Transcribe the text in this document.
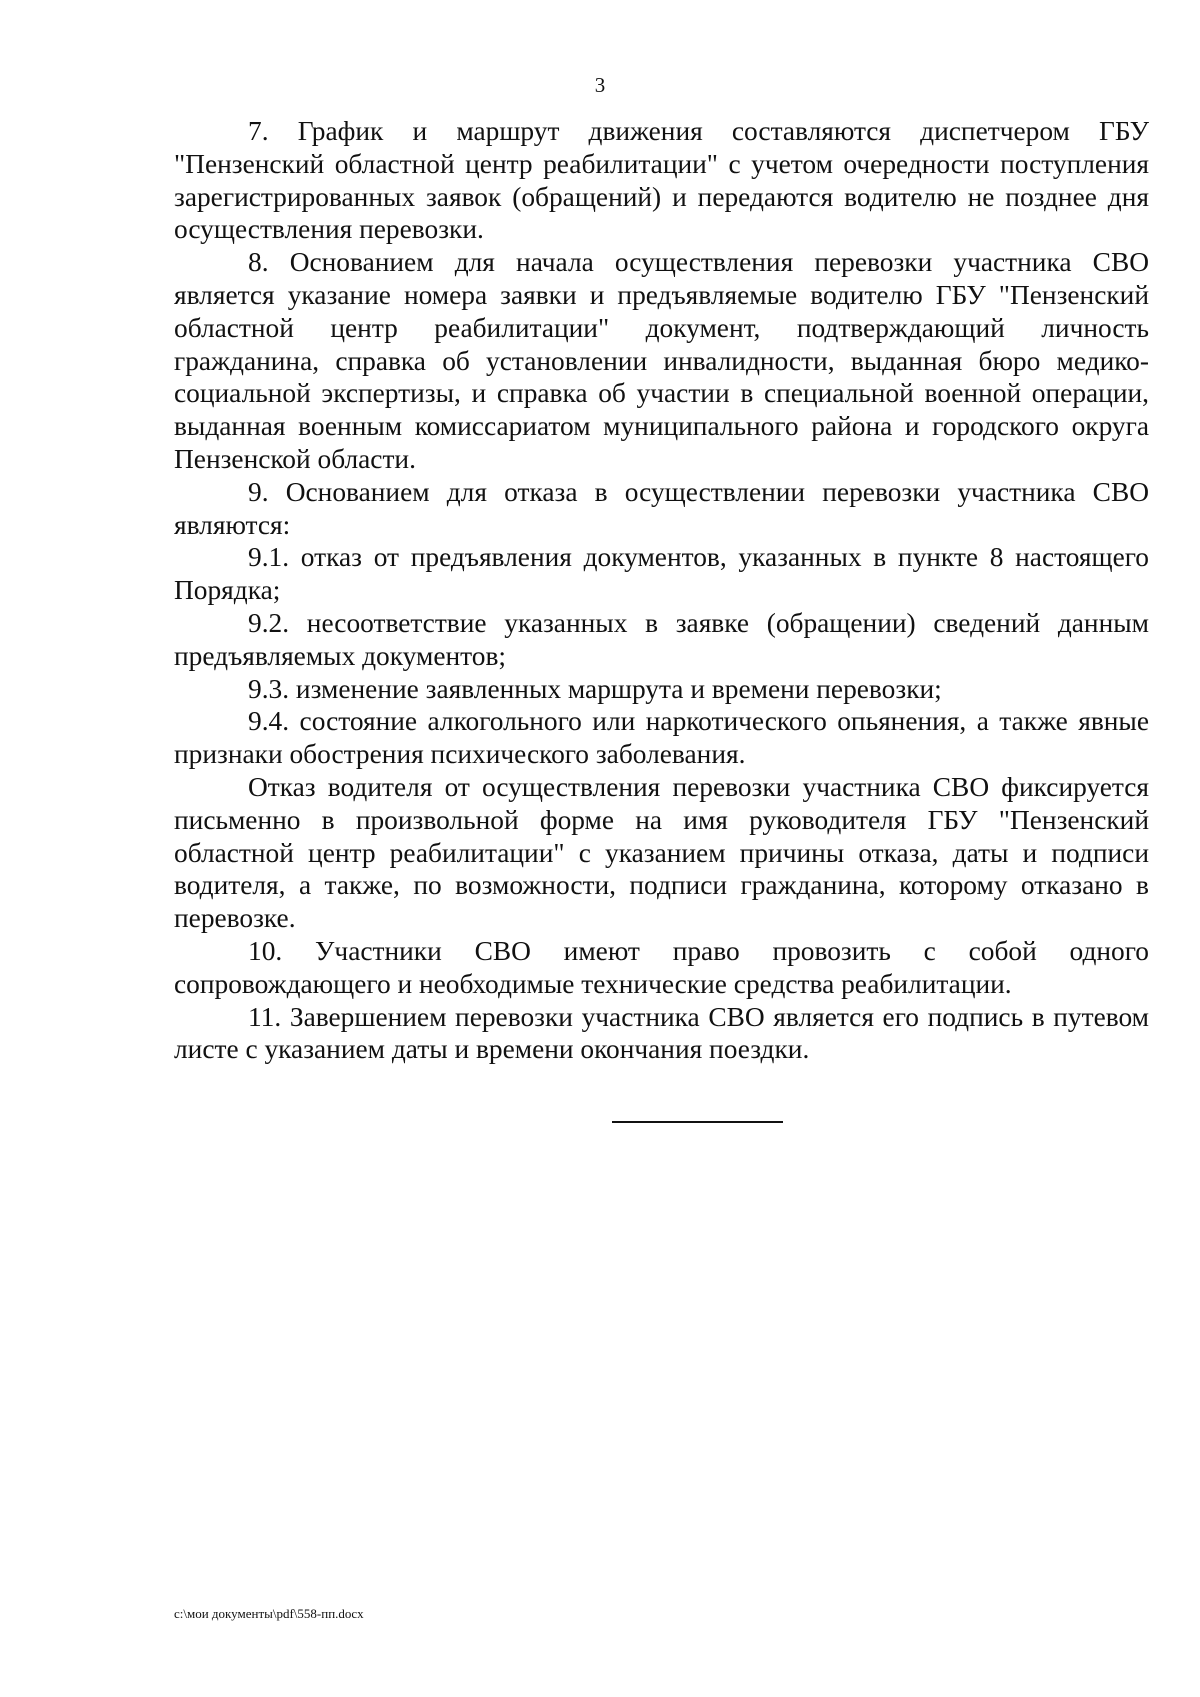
3

7. График и маршрут движения составляются диспетчером ГБУ "Пензенский областной центр реабилитации" с учетом очередности поступления зарегистрированных заявок (обращений) и передаются водителю не позднее дня осуществления перевозки.

8. Основанием для начала осуществления перевозки участника СВО является указание номера заявки и предъявляемые водителю ГБУ "Пензенский областной центр реабилитации" документ, подтверждающий личность гражданина, справка об установлении инвалидности, выданная бюро медико-социальной экспертизы, и справка об участии в специальной военной операции, выданная военным комиссариатом муниципального района и городского округа Пензенской области.

9. Основанием для отказа в осуществлении перевозки участника СВО являются:

9.1. отказ от предъявления документов, указанных в пункте 8 настоящего Порядка;

9.2. несоответствие указанных в заявке (обращении) сведений данным предъявляемых документов;

9.3. изменение заявленных маршрута и времени перевозки;

9.4. состояние алкогольного или наркотического опьянения, а также явные признаки обострения психического заболевания.

Отказ водителя от осуществления перевозки участника СВО фиксируется письменно в произвольной форме на имя руководителя ГБУ "Пензенский областной центр реабилитации" с указанием причины отказа, даты и подписи водителя, а также, по возможности, подписи гражданина, которому отказано в перевозке.

10. Участники СВО имеют право провозить с собой одного сопровождающего и необходимые технические средства реабилитации.

11. Завершением перевозки участника СВО является его подпись в путевом листе с указанием даты и времени окончания поездки.

c:\мои документы\pdf\558-пп.docx
